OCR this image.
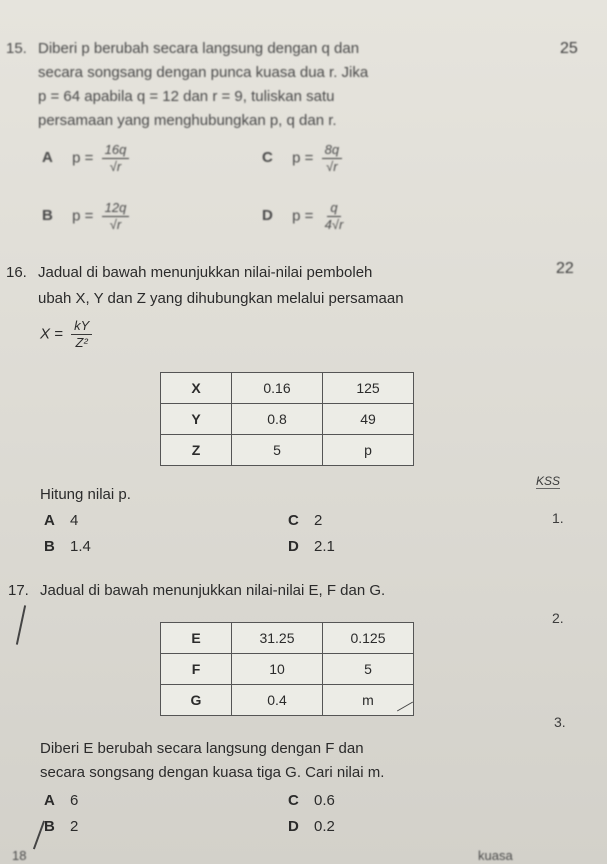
15. Diberi p berubah secara langsung dengan q dan
secara songsang dengan punca kuasa dua r. Jika
p = 64 apabila q = 12 dan r = 9, tuliskan satu
persamaan yang menghubungkan p, q dan r.
A $p = \frac{16q}{√r}$	C $p = \frac{8q}{√r}$
B $p = \frac{12q}{√r}$	D $p = \frac{q}{4√r}$
16. Jadual di bawah menunjukkan nilai-nilai pemboleh
ubah X, Y dan Z yang dihubungkan melalui persamaan
$X = \frac{kY}{\text{Z²}}$
X	0.16	125
Y	0.8	49
Z	5	p
Hitung nilai p.
A 4	C 2
B 1.4	D 2.1
17. Jadual di bawah menunjukkan nilai-nilai E, F dan G.
E	31.25	0.125
F	10	5
G	0.4	m
Diberi E berubah secara langsung dengan F dan
secara songsang dengan kuasa tiga G. Cari nilai m.
A 6	C 0.6
B 2	D 0.2
18	kuasa
25
22
KSS
1.
2.
3.
